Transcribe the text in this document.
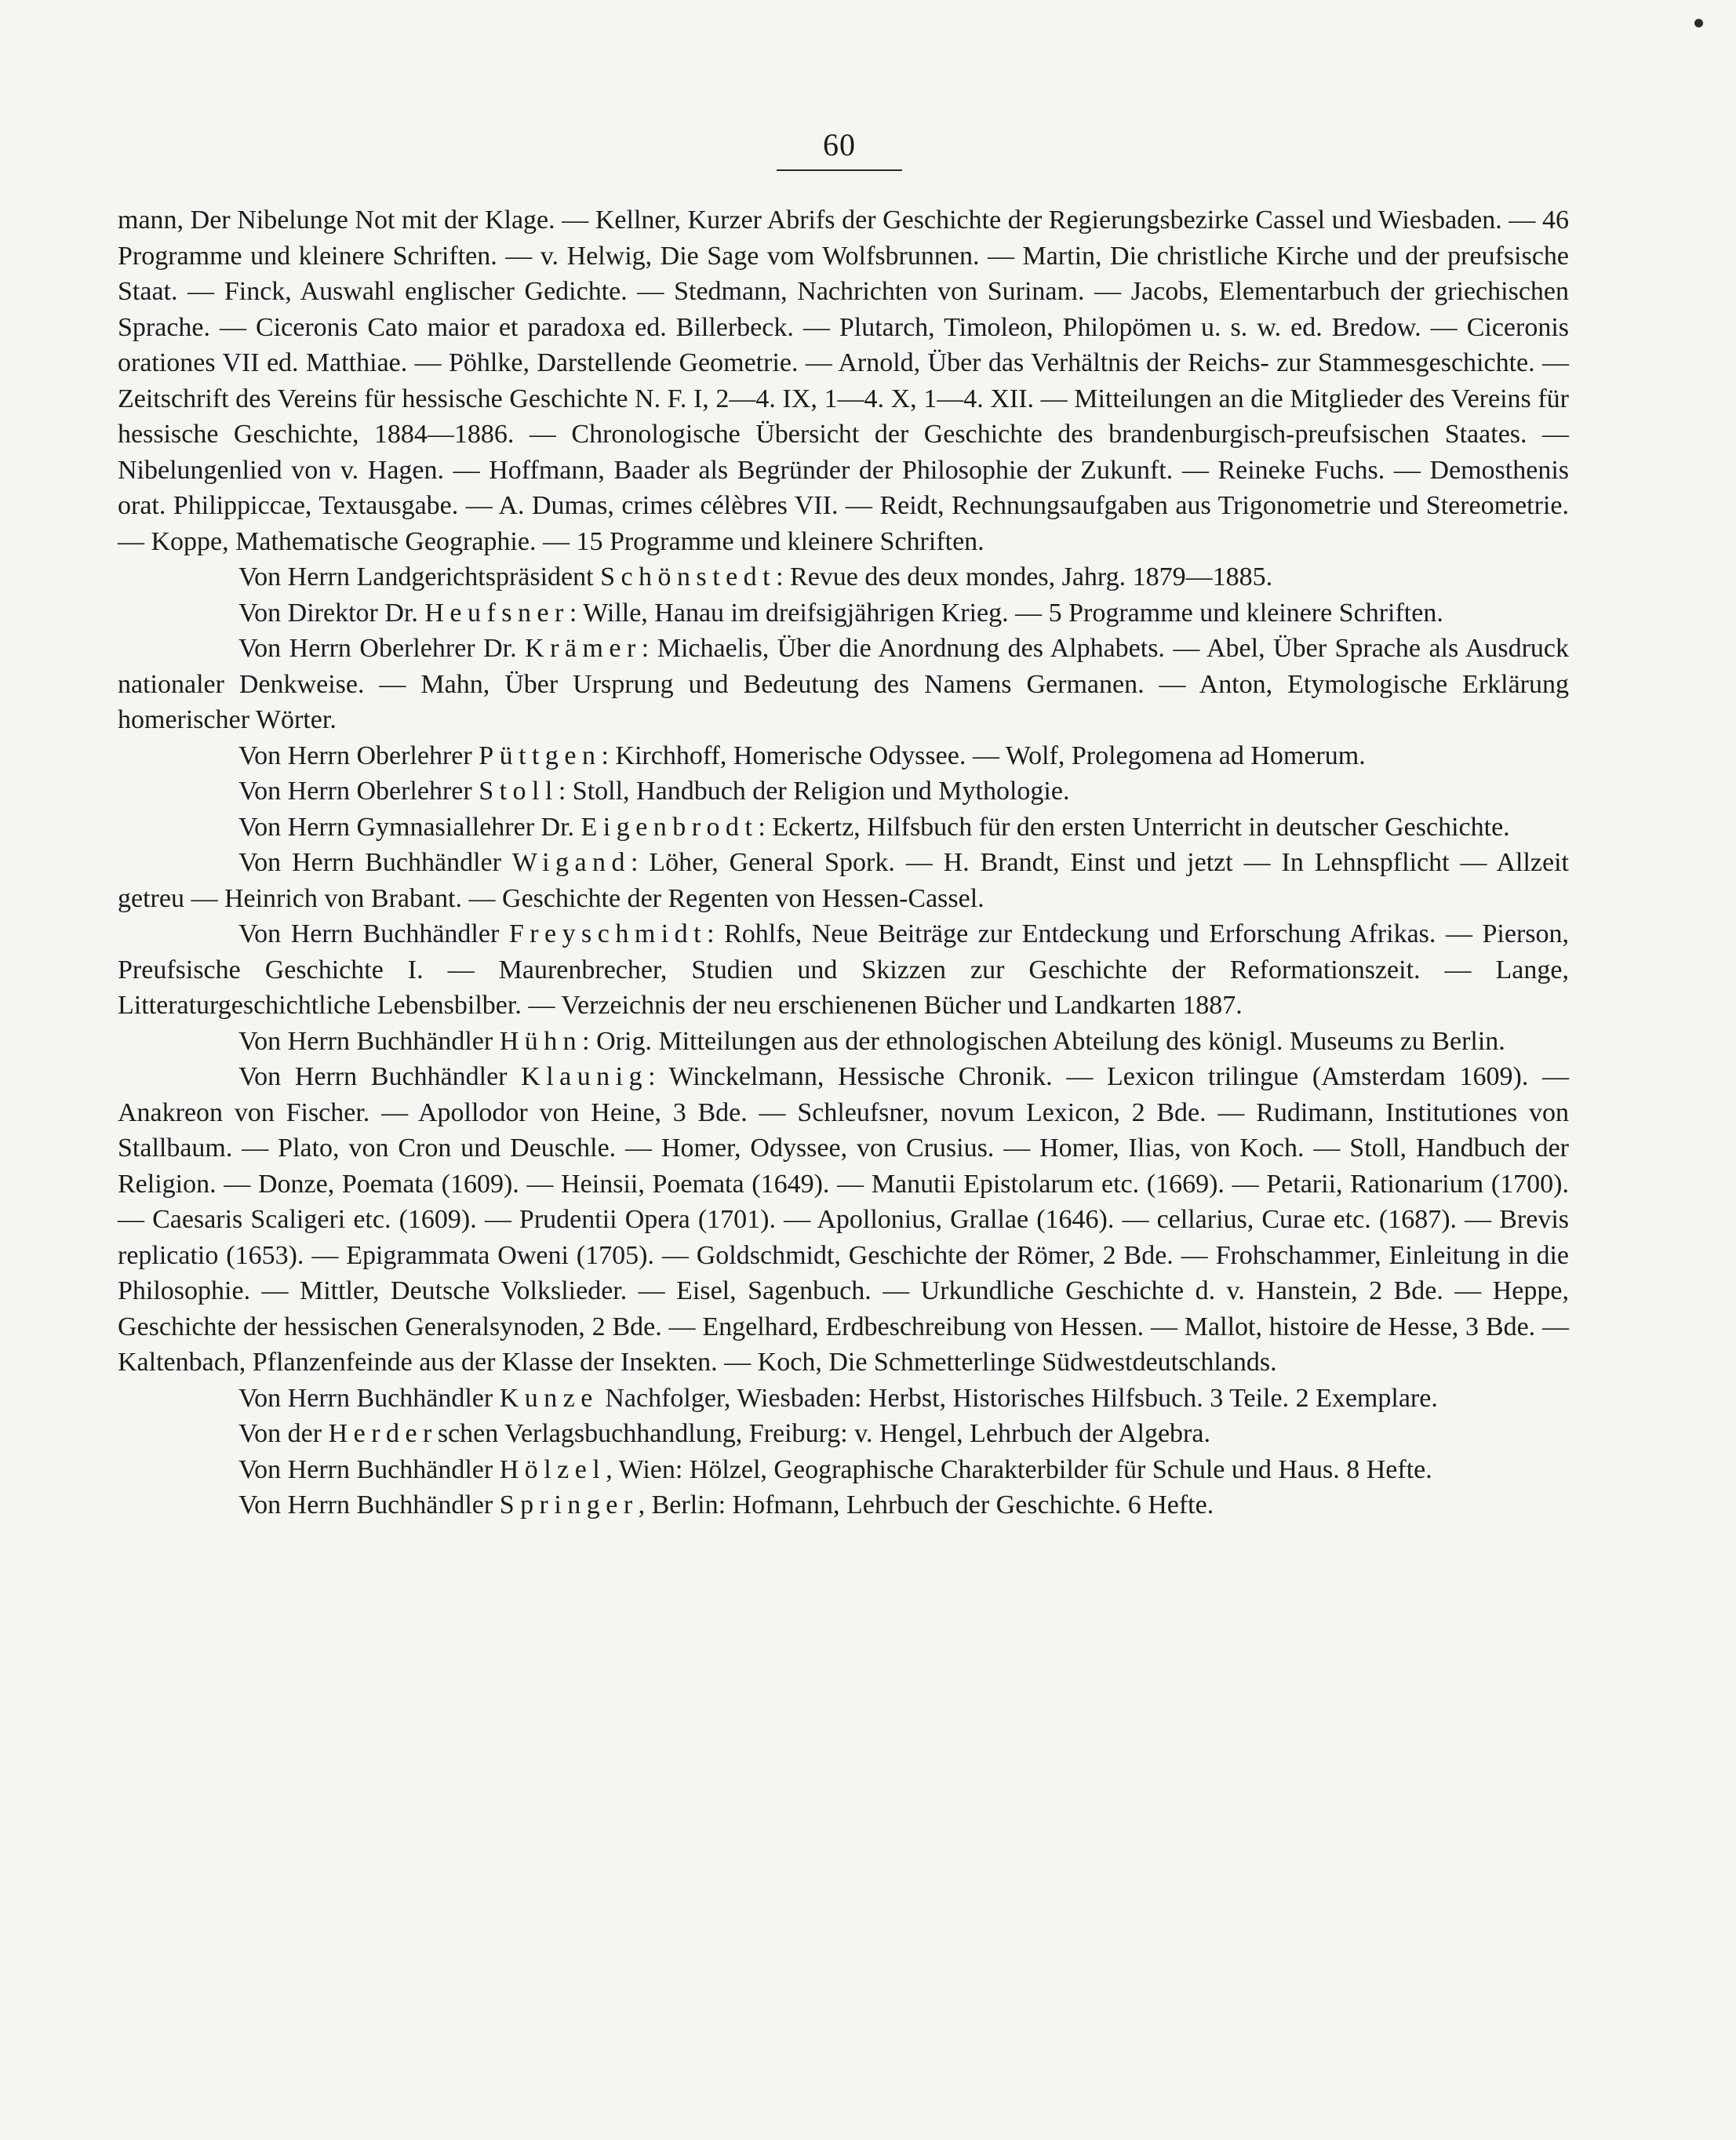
60

mann, Der Nibelunge Not mit der Klage. — Kellner, Kurzer Abrifs der Geschichte der Regierungsbezirke Cassel und Wiesbaden. — 46 Programme und kleinere Schriften. — v. Helwig, Die Sage vom Wolfsbrunnen. — Martin, Die christliche Kirche und der preufsische Staat. — Finck, Auswahl englischer Gedichte. — Stedmann, Nachrichten von Surinam. — Jacobs, Elementarbuch der griechischen Sprache. — Ciceronis Cato maior et paradoxa ed. Billerbeck. — Plutarch, Timoleon, Philopömen u. s. w. ed. Bredow. — Ciceronis orationes VII ed. Matthiae. — Pöhlke, Darstellende Geometrie. — Arnold, Über das Verhältnis der Reichs- zur Stammesgeschichte. — Zeitschrift des Vereins für hessische Geschichte N. F. I, 2—4. IX, 1—4. X, 1—4. XII. — Mitteilungen an die Mitglieder des Vereins für hessische Geschichte, 1884—1886. — Chronologische Übersicht der Geschichte des brandenburgisch-preufsischen Staates. — Nibelungenlied von v. Hagen. — Hoffmann, Baader als Begründer der Philosophie der Zukunft. — Reineke Fuchs. — Demosthenis orat. Philippiccae, Textausgabe. — A. Dumas, crimes célèbres VII. — Reidt, Rechnungsaufgaben aus Trigonometrie und Stereometrie. — Koppe, Mathematische Geographie. — 15 Programme und kleinere Schriften.

Von Herrn Landgerichtspräsident Schönstedt: Revue des deux mondes, Jahrg. 1879—1885.

Von Direktor Dr. Heufsner: Wille, Hanau im dreifsigjährigen Krieg. — 5 Programme und kleinere Schriften.

Von Herrn Oberlehrer Dr. Krämer: Michaelis, Über die Anordnung des Alphabets. — Abel, Über Sprache als Ausdruck nationaler Denkweise. — Mahn, Über Ursprung und Bedeutung des Namens Germanen. — Anton, Etymologische Erklärung homerischer Wörter.

Von Herrn Oberlehrer Püttgen: Kirchhoff, Homerische Odyssee. — Wolf, Prolegomena ad Homerum.

Von Herrn Oberlehrer Stoll: Stoll, Handbuch der Religion und Mythologie.

Von Herrn Gymnasiallehrer Dr. Eigenbrodt: Eckertz, Hilfsbuch für den ersten Unterricht in deutscher Geschichte.

Von Herrn Buchhändler Wigand: Löher, General Spork. — H. Brandt, Einst und jetzt — In Lehnspflicht — Allzeit getreu — Heinrich von Brabant. — Geschichte der Regenten von Hessen-Cassel.

Von Herrn Buchhändler Freyschmidt: Rohlfs, Neue Beiträge zur Entdeckung und Erforschung Afrikas. — Pierson, Preufsische Geschichte I. — Maurenbrecher, Studien und Skizzen zur Geschichte der Reformationszeit. — Lange, Litteraturgeschichtliche Lebensbilber. — Verzeichnis der neu erschienenen Bücher und Landkarten 1887.

Von Herrn Buchhändler Hühn: Orig. Mitteilungen aus der ethnologischen Abteilung des königl. Museums zu Berlin.

Von Herrn Buchhändler Klaunig: Winckelmann, Hessische Chronik. — Lexicon trilingue (Amsterdam 1609). — Anakreon von Fischer. — Apollodor von Heine, 3 Bde. — Schleufsner, novum Lexicon, 2 Bde. — Rudimann, Institutiones von Stallbaum. — Plato, von Cron und Deuschle. — Homer, Odyssee, von Crusius. — Homer, Ilias, von Koch. — Stoll, Handbuch der Religion. — Donze, Poemata (1609). — Heinsii, Poemata (1649). — Manutii Epistolarum etc. (1669). — Petarii, Rationarium (1700). — Caesaris Scaligeri etc. (1609). — Prudentii Opera (1701). — Apollonius, Grallae (1646). — cellarius, Curae etc. (1687). — Brevis replicatio (1653). — Epigrammata Oweni (1705). — Goldschmidt, Geschichte der Römer, 2 Bde. — Frohschammer, Einleitung in die Philosophie. — Mittler, Deutsche Volkslieder. — Eisel, Sagenbuch. — Urkundliche Geschichte d. v. Hanstein, 2 Bde. — Heppe, Geschichte der hessischen Generalsynoden, 2 Bde. — Engelhard, Erdbeschreibung von Hessen. — Mallot, histoire de Hesse, 3 Bde. — Kaltenbach, Pflanzenfeinde aus der Klasse der Insekten. — Koch, Die Schmetterlinge Südwestdeutschlands.

Von Herrn Buchhändler Kunze Nachfolger, Wiesbaden: Herbst, Historisches Hilfsbuch. 3 Teile. 2 Exemplare.

Von der Herderschen Verlagsbuchhandlung, Freiburg: v. Hengel, Lehrbuch der Algebra.

Von Herrn Buchhändler Hölzel, Wien: Hölzel, Geographische Charakterbilder für Schule und Haus. 8 Hefte.

Von Herrn Buchhändler Springer, Berlin: Hofmann, Lehrbuch der Geschichte. 6 Hefte.
